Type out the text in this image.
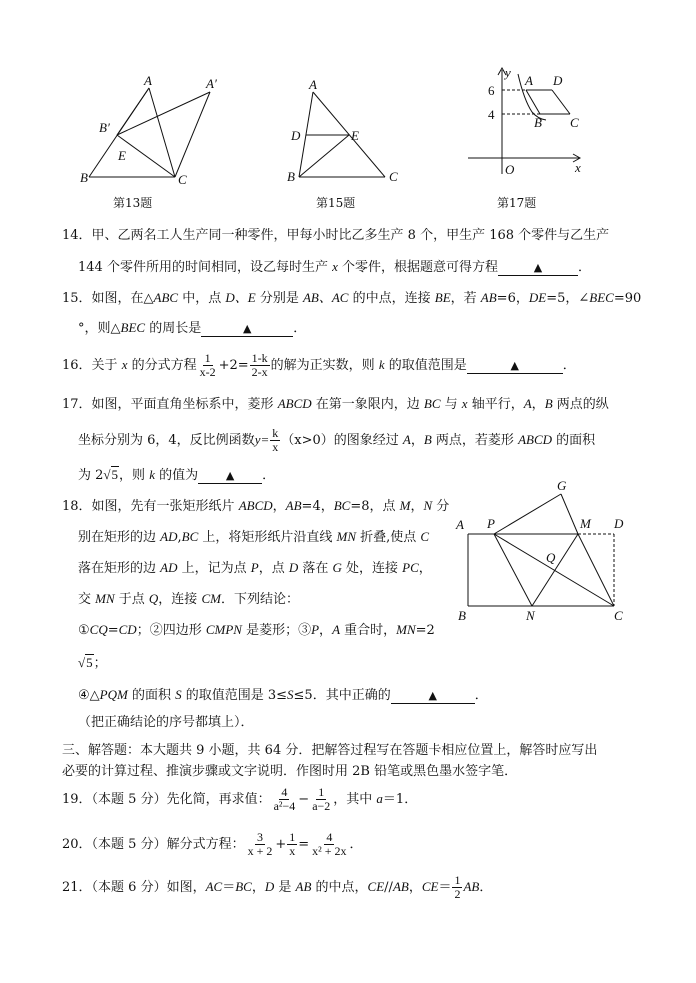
A	A′
B′
E
B	C
第13题
A
D	E
B	C
第15题
y
x
O
6
4
A D
B C
第17题
14．甲、乙两名工人生产同一种零件，甲每小时比乙多生产 8 个，甲生产 168 个零件与乙生产
144 个零件所用的时间相同，设乙每时生产 x 个零件，根据题意可得方程	▲	．
15．如图，在△ABC 中，点 D、E 分别是 AB、AC 的中点，连接 BE，若 AB=6，DE=5，∠BEC=90
°，则△BEC 的周长是	▲	．
16．关于 x 的分式方程 $\frac{1}{x-2} +2= \frac{1-k}{2-x}$ 的解为正实数，则 k 的取值范围是	▲	．
17．如图，平面直角坐标系中，菱形 ABCD 在第一象限内，边 BC 与 x 轴平行，A，B 两点的纵
坐标分别为 6，4，反比例函数$y= \frac{k}{x} (x>0)$的图象经过 A，B 两点，若菱形 ABCD 的面积
为 2√5，则 k 的值为	▲ ．
G
A P	M D
Q
B	N	C
18．如图，先有一张矩形纸片 ABCD，AB=4，BC=8，点 M，N 分
别在矩形的边 AD,BC 上，将矩形纸片沿直线 MN 折叠,使点 C
落在矩形的边 AD 上，记为点 P，点 D 落在 G 处，连接 PC，
交 MN 于点 Q，连接 CM．下列结论：
①CQ=CD；②四边形 CMPN 是菱形；③P，A 重合时，MN=2
√5；
④△PQM 的面积 S 的取值范围是 3≤S≤5．其中正确的	▲	．
（把正确结论的序号都填上）．
三、解答题：本大题共 9 小题，共 64 分．把解答过程写在答题卡相应位置上，解答时应写出
必要的计算过程、推演步骤或文字说明．作图时用 2B 铅笔或黑色墨水签字笔．
19．（本题 5 分）先化简，再求值： $\frac{4}{\text{a²−4}} - \frac{1}{a-2}$ ，其中 a＝1．
20．（本题 5 分）解分式方程： $\frac{3}{x + 2} + \frac{1}{x} = \frac{4}{\text{x² + 2x}}$ ．
21．（本题 6 分）如图，AC＝BC，D 是 AB 的中点，CE//AB，$CE= \frac{1}{2}$ AB．
